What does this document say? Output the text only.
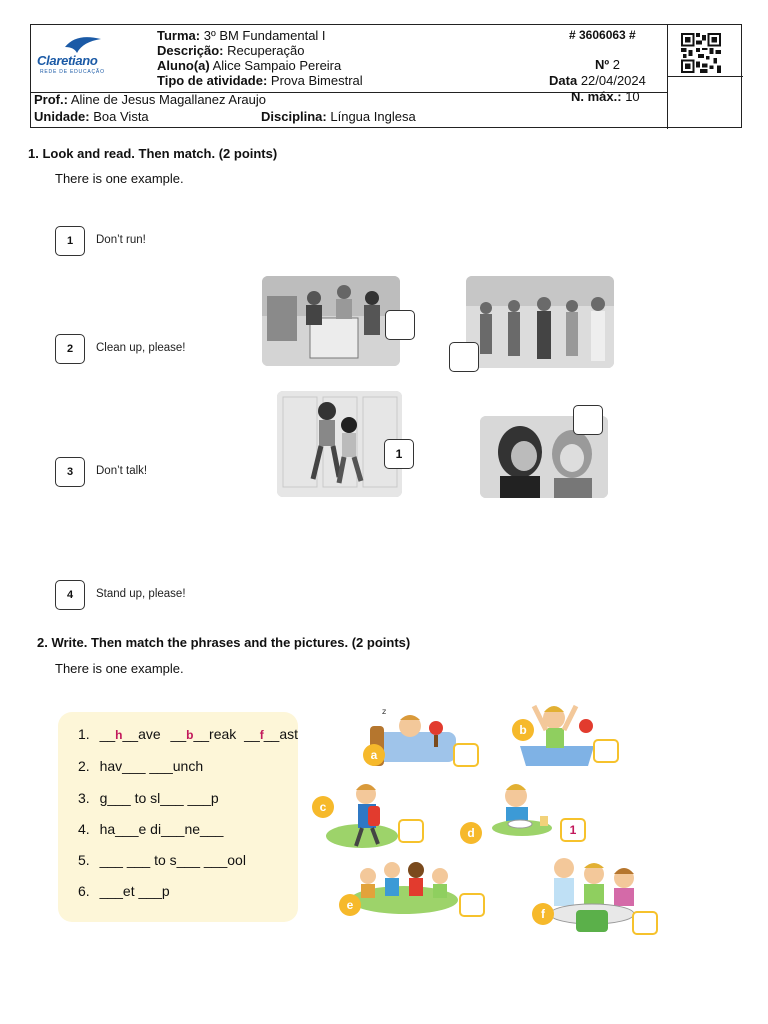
Claretiano
REDE DE EDUCAÇÃO
Turma: 3º BM Fundamental I
Descrição: Recuperação
Aluno(a) Alice Sampaio Pereira
Tipo de atividade: Prova Bimestral
Prof.: Aline de Jesus Magallanez Araujo
Unidade: Boa Vista	Disciplina: Língua Inglesa
# 3606063 #
Nº 2
Data 22/04/2024
N. máx.: 10
1. Look and read. Then match. (2 points)
There is one example.
1	Don’t run!
2	Clean up, please!
3	Don’t talk!
4	Stand up, please!
1
2. Write. Then match the phrases and the pictures. (2 points)
There is one example.
1. __h__ave __b__reak __f__ast
2. hav___ ___unch
3. g___ to sl___ ___p
4. ha___e di___ne___
5. ___ ___ to s___ ___ool
6. ___et ___p
z
a
b
c
d	1
e
f
